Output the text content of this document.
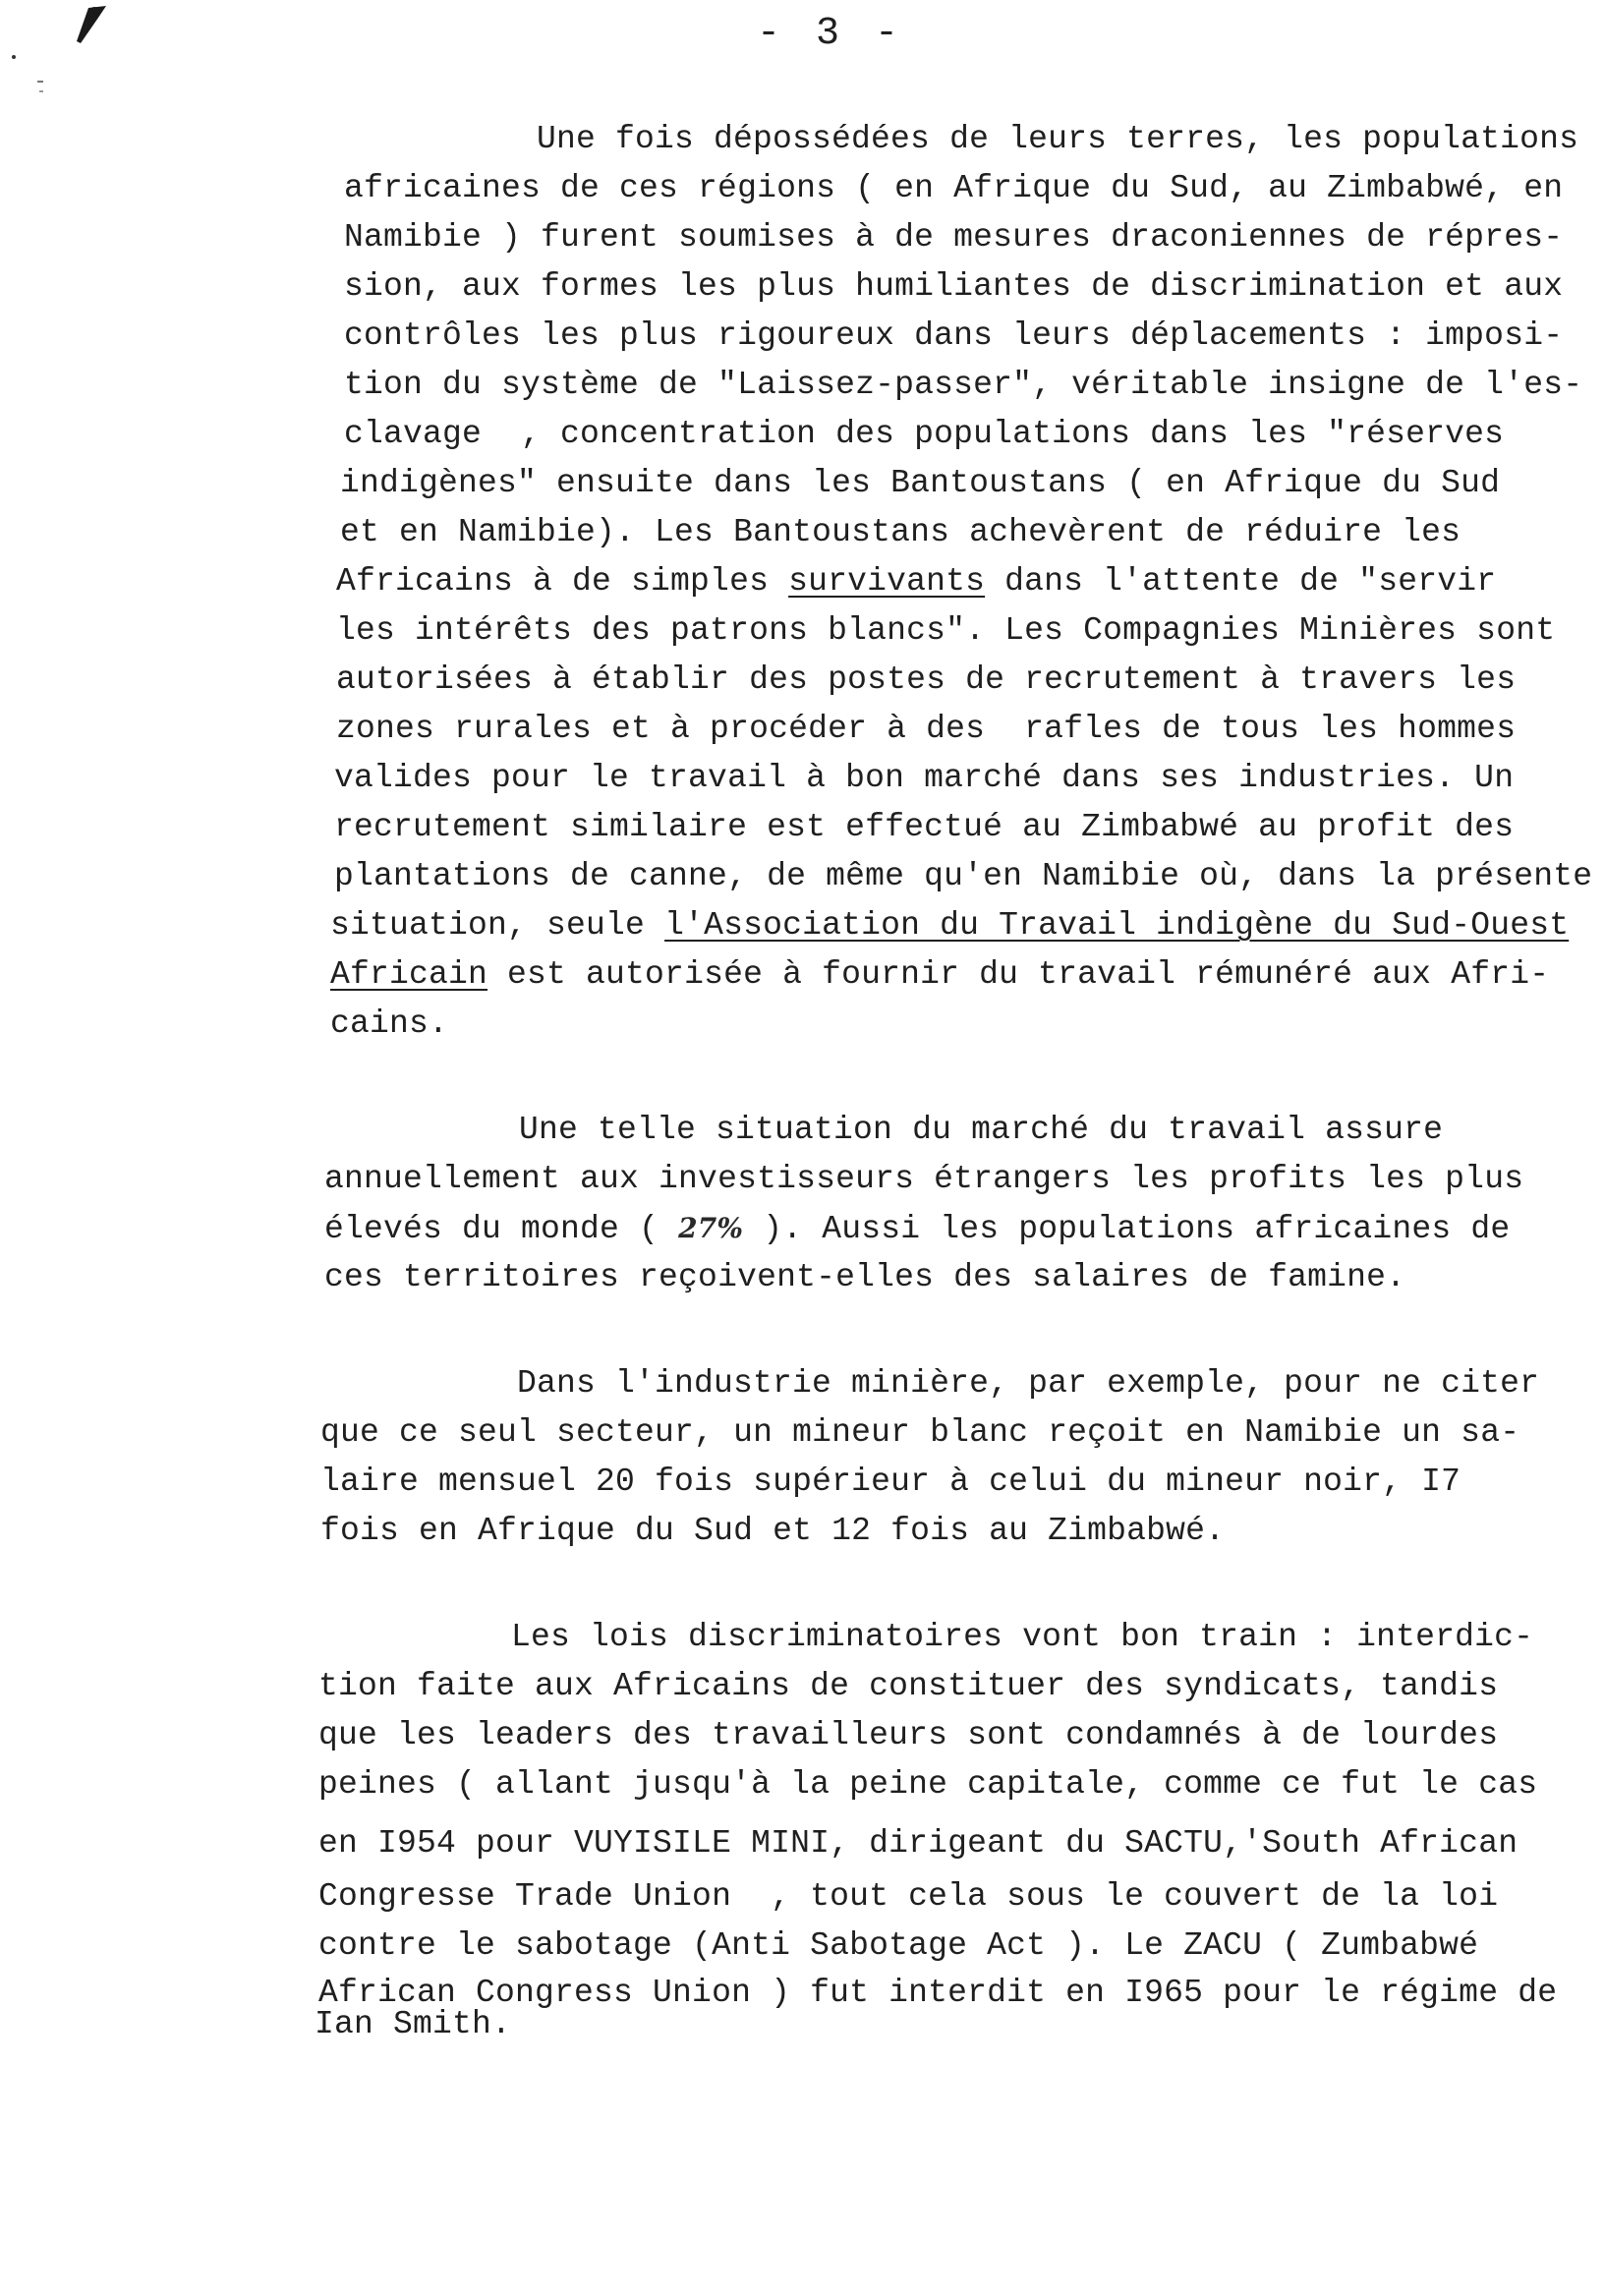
- 3 -
Une fois dépossédées de leurs terres, les populations
africaines de ces régions ( en Afrique du Sud, au Zimbabwé, en
Namibie ) furent soumises à de mesures draconiennes de répres-
sion, aux formes les plus humiliantes de discrimination et aux
contrôles les plus rigoureux dans leurs déplacements : imposi-
tion du système de "Laissez-passer", véritable insigne de l'es-
clavage  , concentration des populations dans les "réserves
indigènes" ensuite dans les Bantoustans ( en Afrique du Sud
et en Namibie). Les Bantoustans achevèrent de réduire les
Africains à de simples survivants dans l'attente de "servir
les intérêts des patrons blancs". Les Compagnies Minières sont
autorisées à établir des postes de recrutement à travers les
zones rurales et à procéder à des  rafles de tous les hommes
valides pour le travail à bon marché dans ses industries. Un
recrutement similaire est effectué au Zimbabwé au profit des
plantations de canne, de même qu'en Namibie où, dans la présente
situation, seule l'Association du Travail indigène du Sud-Ouest
Africain est autorisée à fournir du travail rémunéré aux Afri-
cains.
Une telle situation du marché du travail assure
annuellement aux investisseurs étrangers les profits les plus
élevés du monde ( 27% ). Aussi les populations africaines de
ces territoires reçoivent-elles des salaires de famine.
Dans l'industrie minière, par exemple, pour ne citer
que ce seul secteur, un mineur blanc reçoit en Namibie un sa-
laire mensuel 20 fois supérieur à celui du mineur noir, I7
fois en Afrique du Sud et 12 fois au Zimbabwé.
Les lois discriminatoires vont bon train : interdic-
tion faite aux Africains de constituer des syndicats, tandis
que les leaders des travailleurs sont condamnés à de lourdes
peines ( allant jusqu'à la peine capitale, comme ce fut le cas
en I954 pour VUYISILE MINI, dirigeant du SACTU,'South African
Congresse Trade Union  , tout cela sous le couvert de la loi
contre le sabotage (Anti Sabotage Act ). Le ZACU ( Zumbabwé
African Congress Union ) fut interdit en I965 pour le régime de
Ian Smith.
